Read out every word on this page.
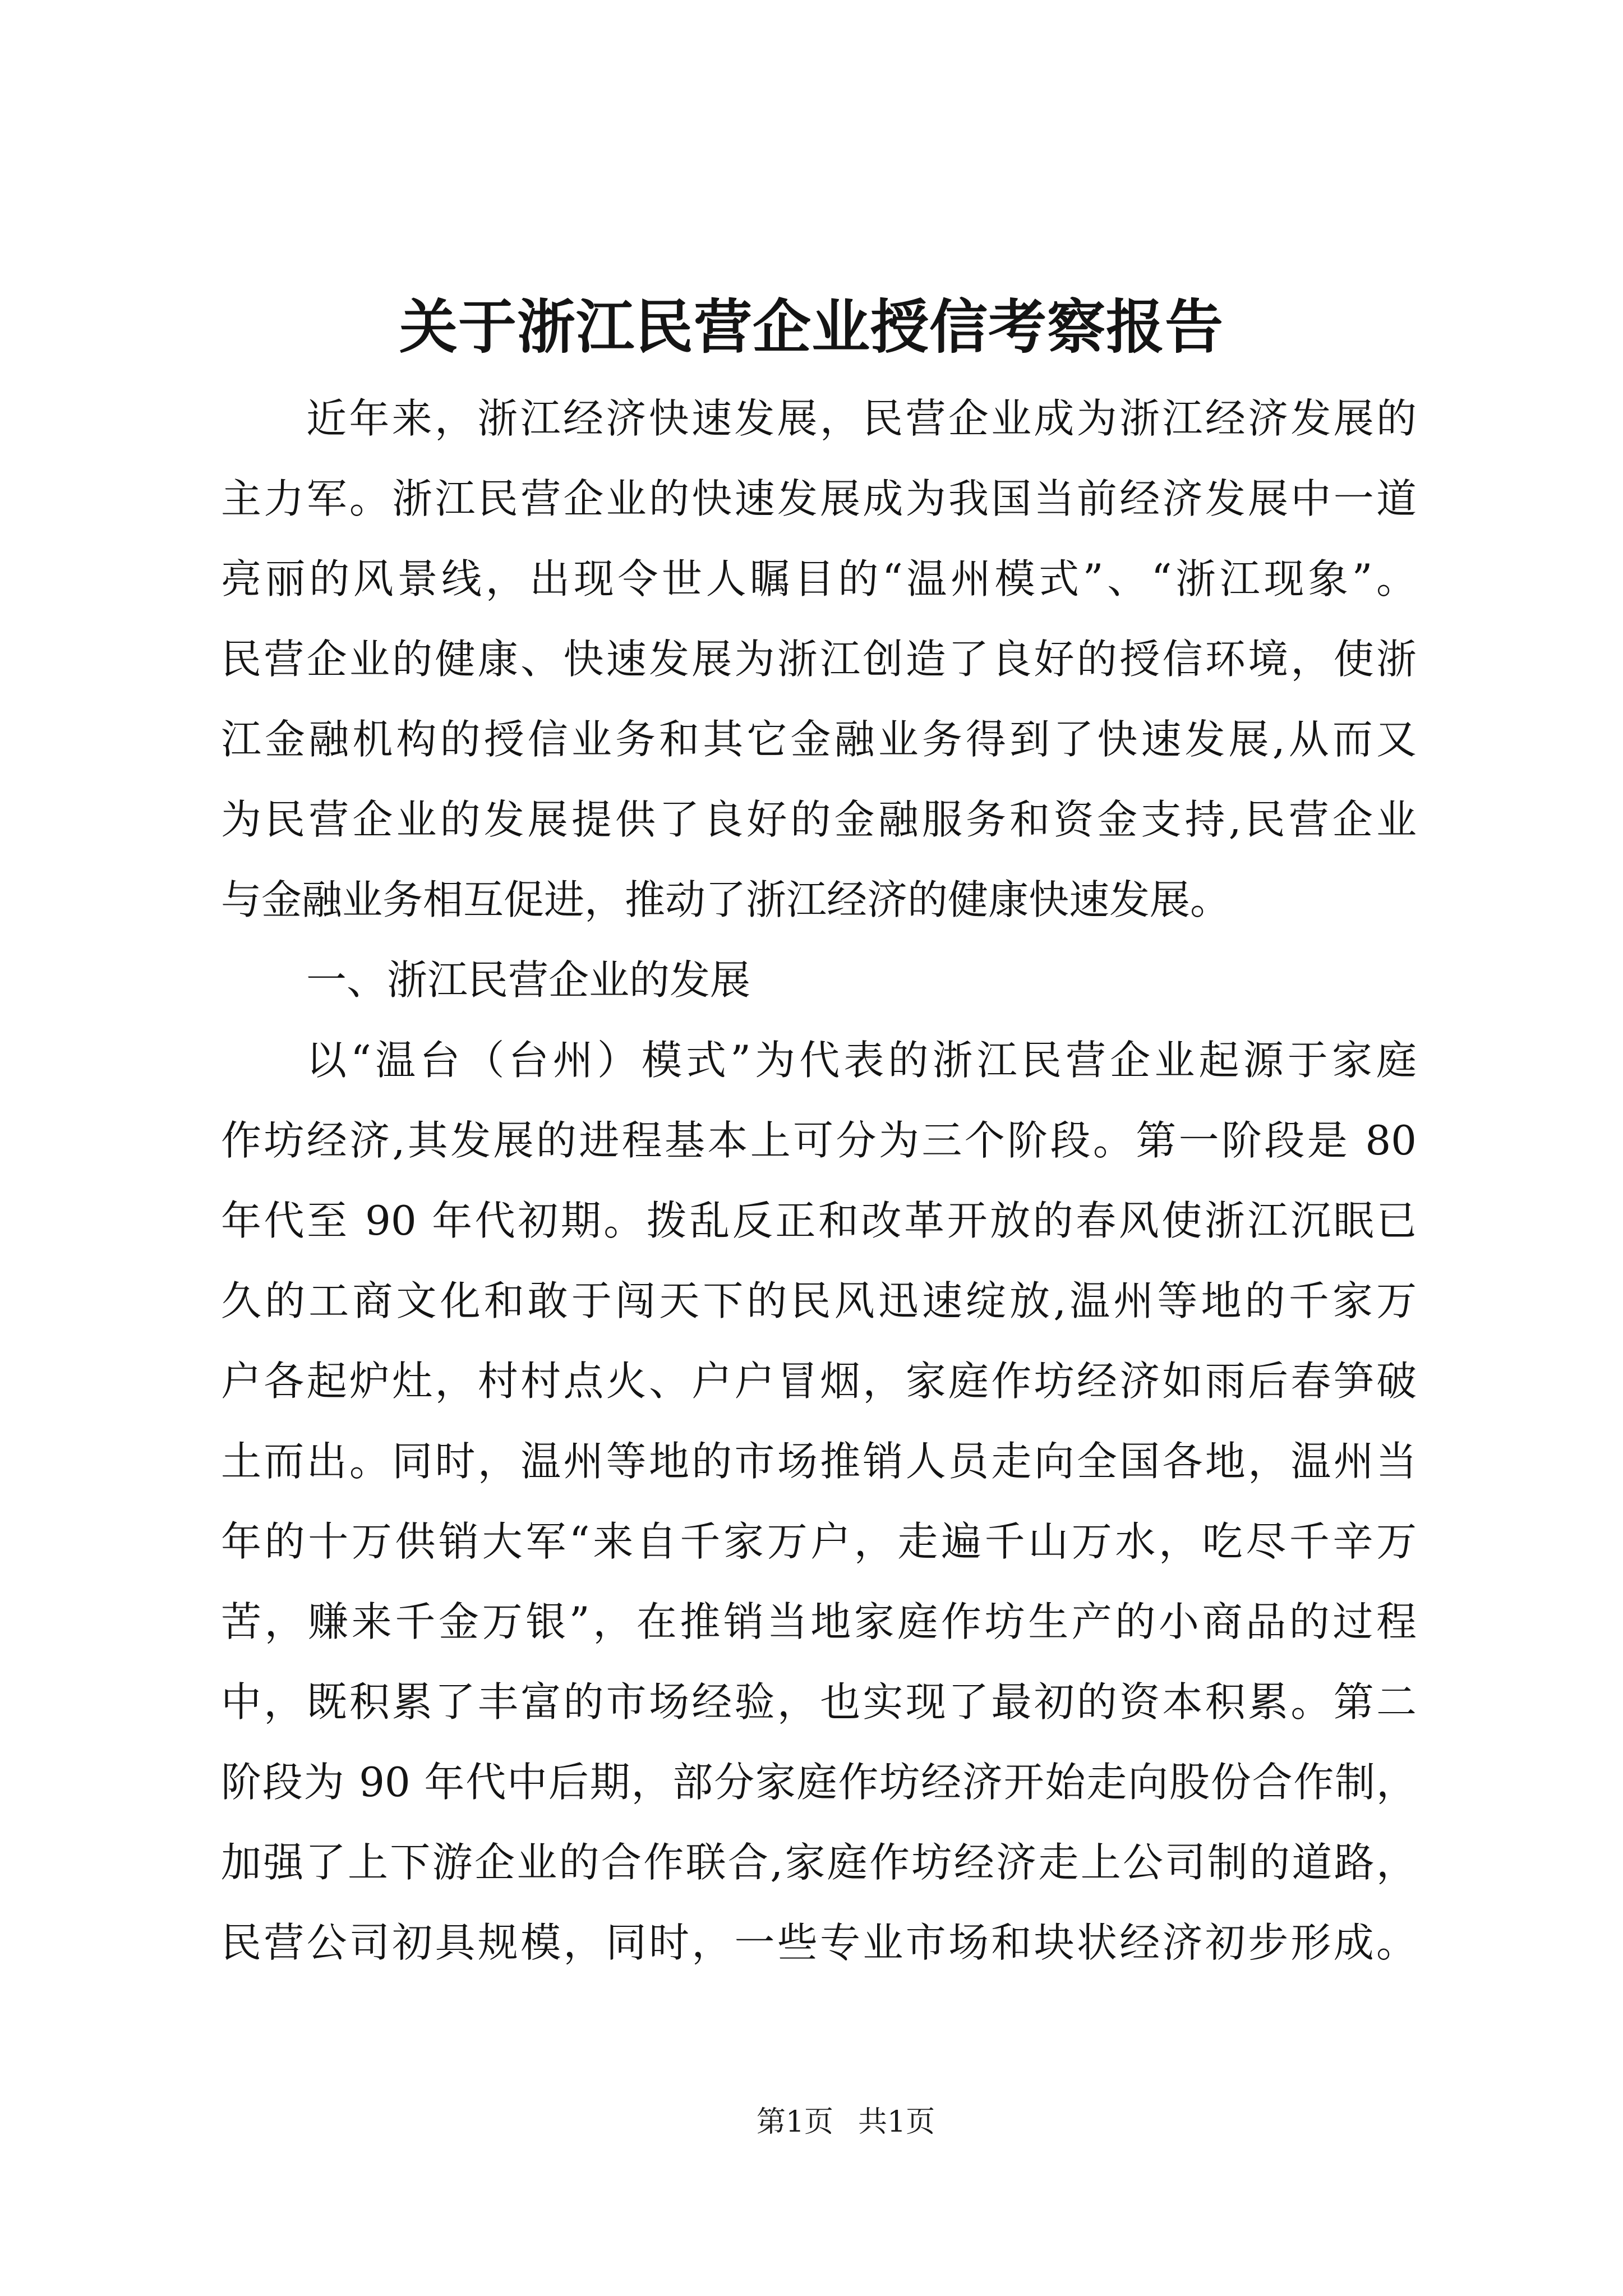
关于浙江民营企业授信考察报告
近年来，浙江经济快速发展，民营企业成为浙江经济发展的
主力军。浙江民营企业的快速发展成为我国当前经济发展中一道
亮丽的风景线，出现令世人瞩目的“温州模式”、“浙江现象”。
民营企业的健康、快速发展为浙江创造了良好的授信环境，使浙
江金融机构的授信业务和其它金融业务得到了快速发展,从而又
为民营企业的发展提供了良好的金融服务和资金支持,民营企业
与金融业务相互促进，推动了浙江经济的健康快速发展。
一、浙江民营企业的发展
以“温台（台州）模式”为代表的浙江民营企业起源于家庭
作坊经济,其发展的进程基本上可分为三个阶段。第一阶段是 80
年代至 90 年代初期。拨乱反正和改革开放的春风使浙江沉眠已
久的工商文化和敢于闯天下的民风迅速绽放,温州等地的千家万
户各起炉灶，村村点火、户户冒烟，家庭作坊经济如雨后春笋破
土而出。同时，温州等地的市场推销人员走向全国各地，温州当
年的十万供销大军“来自千家万户，走遍千山万水，吃尽千辛万
苦，赚来千金万银”，在推销当地家庭作坊生产的小商品的过程
中，既积累了丰富的市场经验，也实现了最初的资本积累。第二
阶段为 90 年代中后期，部分家庭作坊经济开始走向股份合作制，
加强了上下游企业的合作联合,家庭作坊经济走上公司制的道路，
民营公司初具规模，同时，一些专业市场和块状经济初步形成。
第1页 共1页
